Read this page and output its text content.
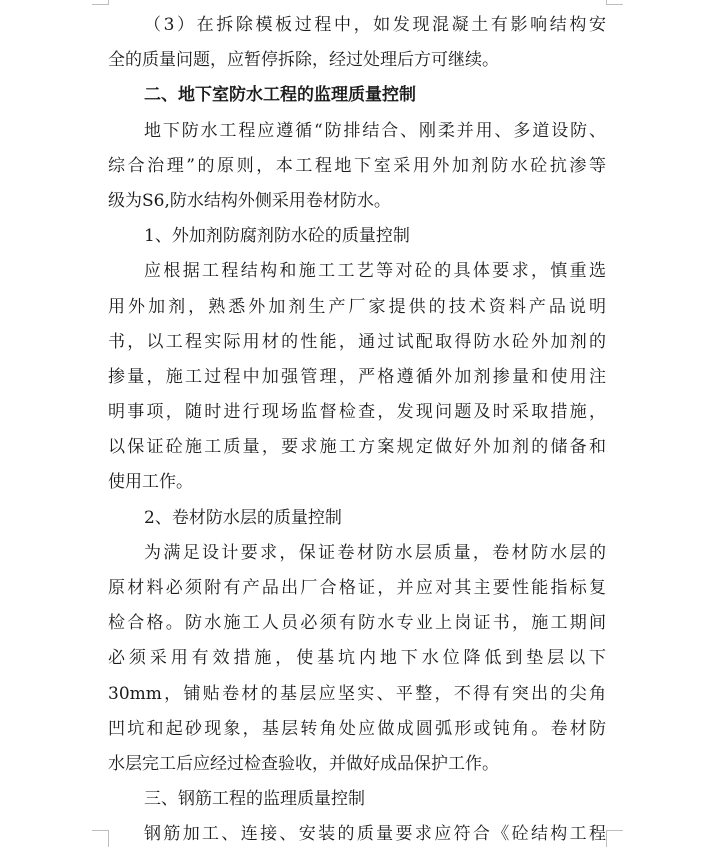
（3）在拆除模板过程中，如发现混凝土有影响结构安
全的质量问题，应暂停拆除，经过处理后方可继续。
二、地下室防水工程的监理质量控制
地下防水工程应遵循“防排结合、刚柔并用、多道设防、
综合治理”的原则，本工程地下室采用外加剂防水砼抗渗等
级为S6,防水结构外侧采用卷材防水。
1、外加剂防腐剂防水砼的质量控制
应根据工程结构和施工工艺等对砼的具体要求，慎重选
用外加剂，熟悉外加剂生产厂家提供的技术资料产品说明
书，以工程实际用材的性能，通过试配取得防水砼外加剂的
掺量，施工过程中加强管理，严格遵循外加剂掺量和使用注
明事项，随时进行现场监督检查，发现问题及时采取措施，
以保证砼施工质量，要求施工方案规定做好外加剂的储备和
使用工作。
2、卷材防水层的质量控制
为满足设计要求，保证卷材防水层质量，卷材防水层的
原材料必须附有产品出厂合格证，并应对其主要性能指标复
检合格。防水施工人员必须有防水专业上岗证书，施工期间
必须采用有效措施，使基坑内地下水位降低到垫层以下
30mm，铺贴卷材的基层应坚实、平整，不得有突出的尖角
凹坑和起砂现象，基层转角处应做成圆弧形或钝角。卷材防
水层完工后应经过检查验收，并做好成品保护工作。
三、钢筋工程的监理质量控制
钢筋加工、连接、安装的质量要求应符合《砼结构工程
